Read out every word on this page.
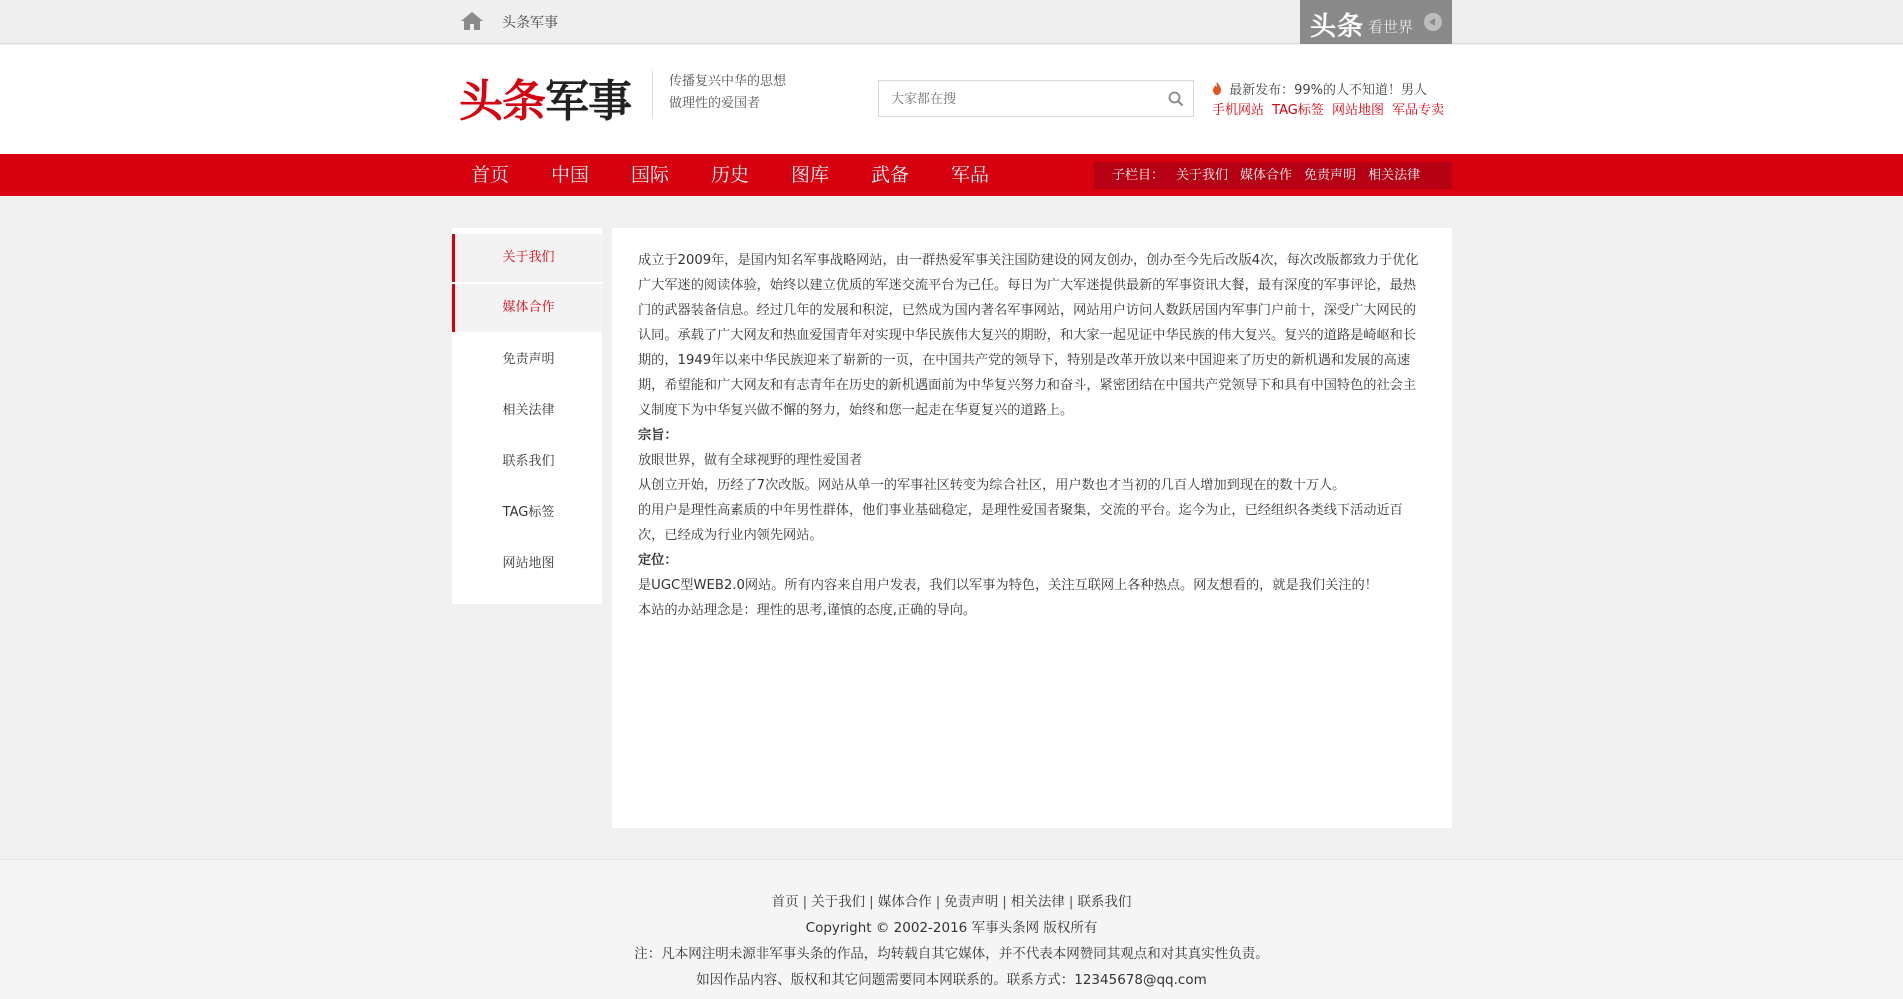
头条军事	头条 看世界
头条军事	传播复兴中华的思想
做理性的爱国者
大家都在搜
最新发布：99%的人不知道！男人
手机网站 TAG标签 网站地图 军品专卖
首页	中国	国际	历史	图库	武备	军品	子栏目： 关于我们 媒体合作 免责声明 相关法律
关于我们
媒体合作
免责声明
相关法律
联系我们
TAG标签
网站地图

成立于2009年，是国内知名军事战略网站，由一群热爱军事关注国防建设的网友创办，创办至今先后改版4次，每次改版都致力于优化广大军迷的阅读体验，始终以建立优质的军迷交流平台为己任。每日为广大军迷提供最新的军事资讯大餐，最有深度的军事评论，最热门的武器装备信息。经过几年的发展和积淀，已然成为国内著名军事网站，网站用户访问人数跃居国内军事门户前十，深受广大网民的认同。承载了广大网友和热血爱国青年对实现中华民族伟大复兴的期盼，和大家一起见证中华民族的伟大复兴。复兴的道路是崎岖和长期的，1949年以来中华民族迎来了崭新的一页，在中国共产党的领导下，特别是改革开放以来中国迎来了历史的新机遇和发展的高速期，希望能和广大网友和有志青年在历史的新机遇面前为中华复兴努力和奋斗，紧密团结在中国共产党领导下和具有中国特色的社会主义制度下为中华复兴做不懈的努力，始终和您一起走在华夏复兴的道路上。

宗旨：

放眼世界，做有全球视野的理性爱国者

从创立开始，历经了7次改版。网站从单一的军事社区转变为综合社区，用户数也才当初的几百人增加到现在的数十万人。

的用户是理性高素质的中年男性群体，他们事业基础稳定，是理性爱国者聚集，交流的平台。迄今为止，已经组织各类线下活动近百次，已经成为行业内领先网站。

定位：

是UGC型WEB2.0网站。所有内容来自用户发表，我们以军事为特色，关注互联网上各种热点。网友想看的，就是我们关注的！

本站的办站理念是：理性的思考,谨慎的态度,正确的导向。

首页 | 关于我们 | 媒体合作 | 免责声明 | 相关法律 | 联系我们
Copyright © 2002-2016 军事头条网 版权所有
注：凡本网注明未源非军事头条的作品，均转载自其它媒体，并不代表本网赞同其观点和对其真实性负责。
如因作品内容、版权和其它问题需要同本网联系的。联系方式：12345678@qq.com
